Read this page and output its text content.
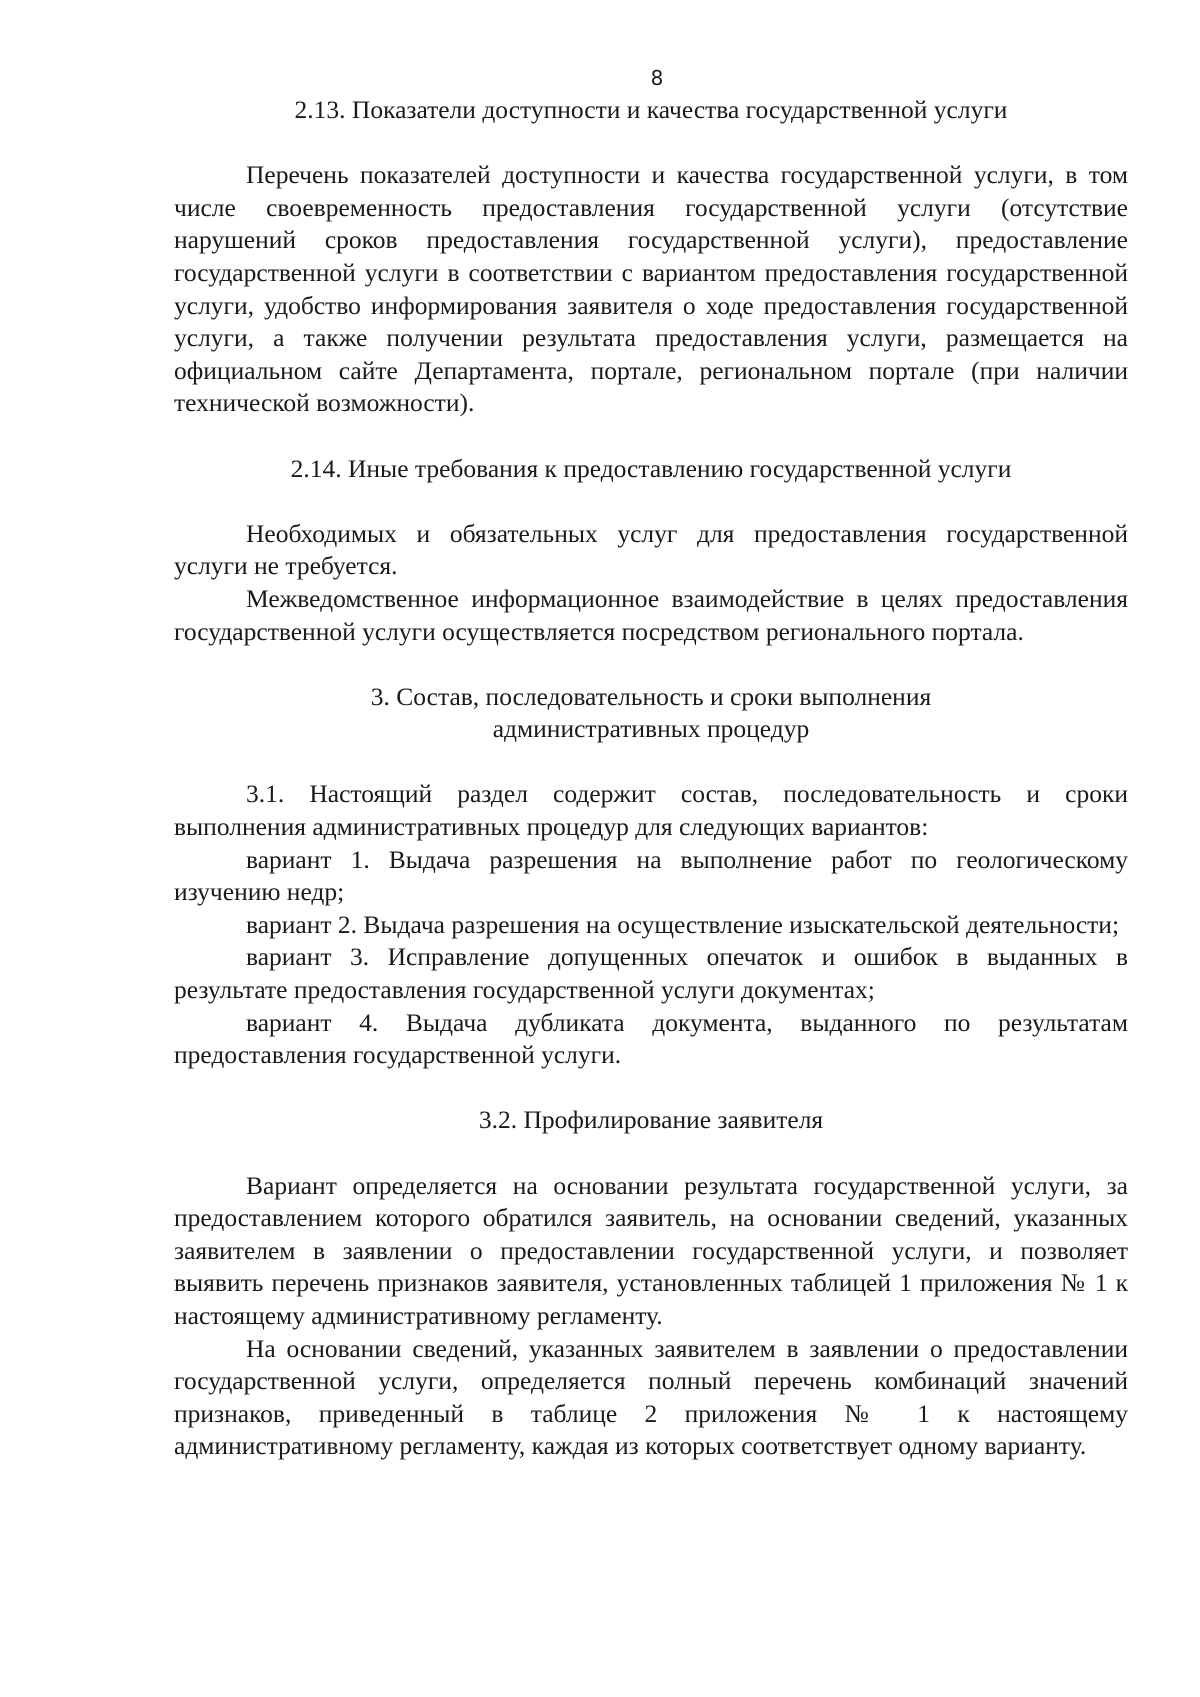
8
2.13. Показатели доступности и качества государственной услуги

Перечень показателей доступности и качества государственной услуги, в том числе своевременность предоставления государственной услуги (отсутствие нарушений сроков предоставления государственной услуги), предоставление государственной услуги в соответствии с вариантом предоставления государственной услуги, удобство информирования заявителя о ходе предоставления государственной услуги, а также получении результата предоставления услуги, размещается на официальном сайте Департамента, портале, региональном портале (при наличии технической возможности).

2.14. Иные требования к предоставлению государственной услуги

Необходимых и обязательных услуг для предоставления государственной услуги не требуется.

Межведомственное информационное взаимодействие в целях предоставления государственной услуги осуществляется посредством регионального портала.

3. Состав, последовательность и сроки выполнения
административных процедур

3.1. Настоящий раздел содержит состав, последовательность и сроки выполнения административных процедур для следующих вариантов:

вариант 1. Выдача разрешения на выполнение работ по геологическому изучению недр;

вариант 2. Выдача разрешения на осуществление изыскательской деятельности;

вариант 3. Исправление допущенных опечаток и ошибок в выданных в результате предоставления государственной услуги документах;

вариант 4. Выдача дубликата документа, выданного по результатам предоставления государственной услуги.

3.2. Профилирование заявителя

Вариант определяется на основании результата государственной услуги, за предоставлением которого обратился заявитель, на основании сведений, указанных заявителем в заявлении о предоставлении государственной услуги, и позволяет выявить перечень признаков заявителя, установленных таблицей 1 приложения № 1 к настоящему административному регламенту.

На основании сведений, указанных заявителем в заявлении о предоставлении государственной услуги, определяется полный перечень комбинаций значений признаков, приведенный в таблице 2 приложения № 1 к настоящему административному регламенту, каждая из которых соответствует одному варианту.
